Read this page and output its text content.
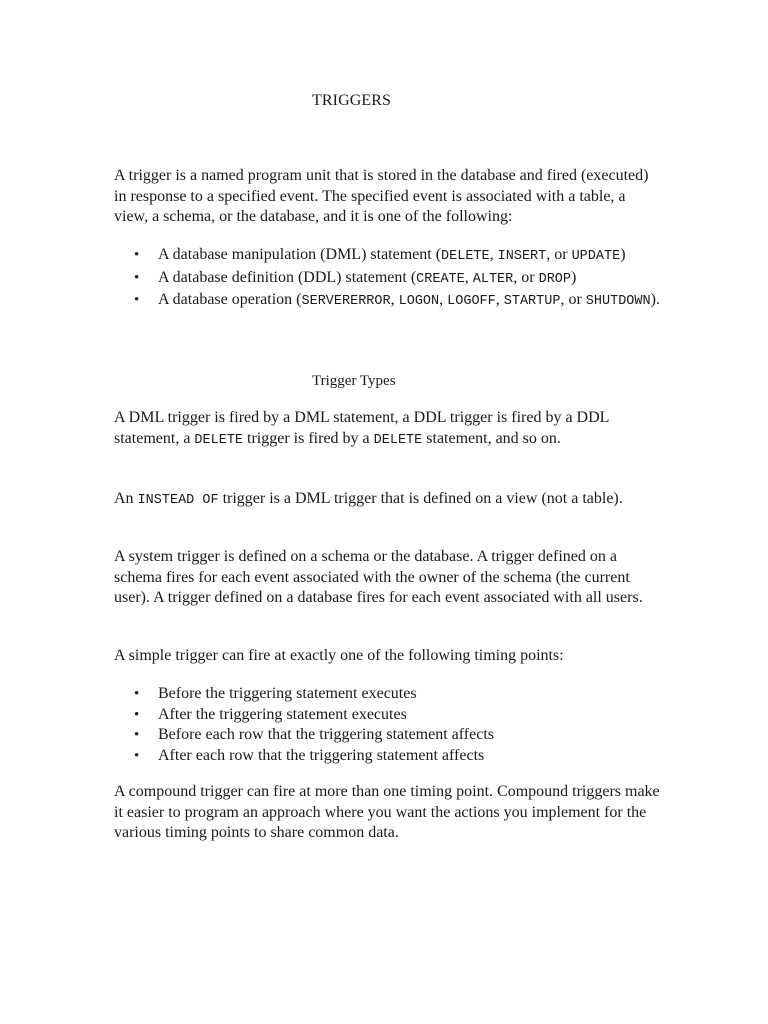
TRIGGERS

A trigger is a named program unit that is stored in the database and fired (executed) in response to a specified event. The specified event is associated with a table, a view, a schema, or the database, and it is one of the following:

• A database manipulation (DML) statement (DELETE, INSERT, or UPDATE)
• A database definition (DDL) statement (CREATE, ALTER, or DROP)
• A database operation (SERVERERROR, LOGON, LOGOFF, STARTUP, or SHUTDOWN).
Trigger Types

A DML trigger is fired by a DML statement, a DDL trigger is fired by a DDL statement, a DELETE trigger is fired by a DELETE statement, and so on.

An INSTEAD OF trigger is a DML trigger that is defined on a view (not a table).

A system trigger is defined on a schema or the database. A trigger defined on a schema fires for each event associated with the owner of the schema (the current user). A trigger defined on a database fires for each event associated with all users.

A simple trigger can fire at exactly one of the following timing points:

• Before the triggering statement executes
• After the triggering statement executes
• Before each row that the triggering statement affects
• After each row that the triggering statement affects

A compound trigger can fire at more than one timing point. Compound triggers make it easier to program an approach where you want the actions you implement for the various timing points to share common data.
